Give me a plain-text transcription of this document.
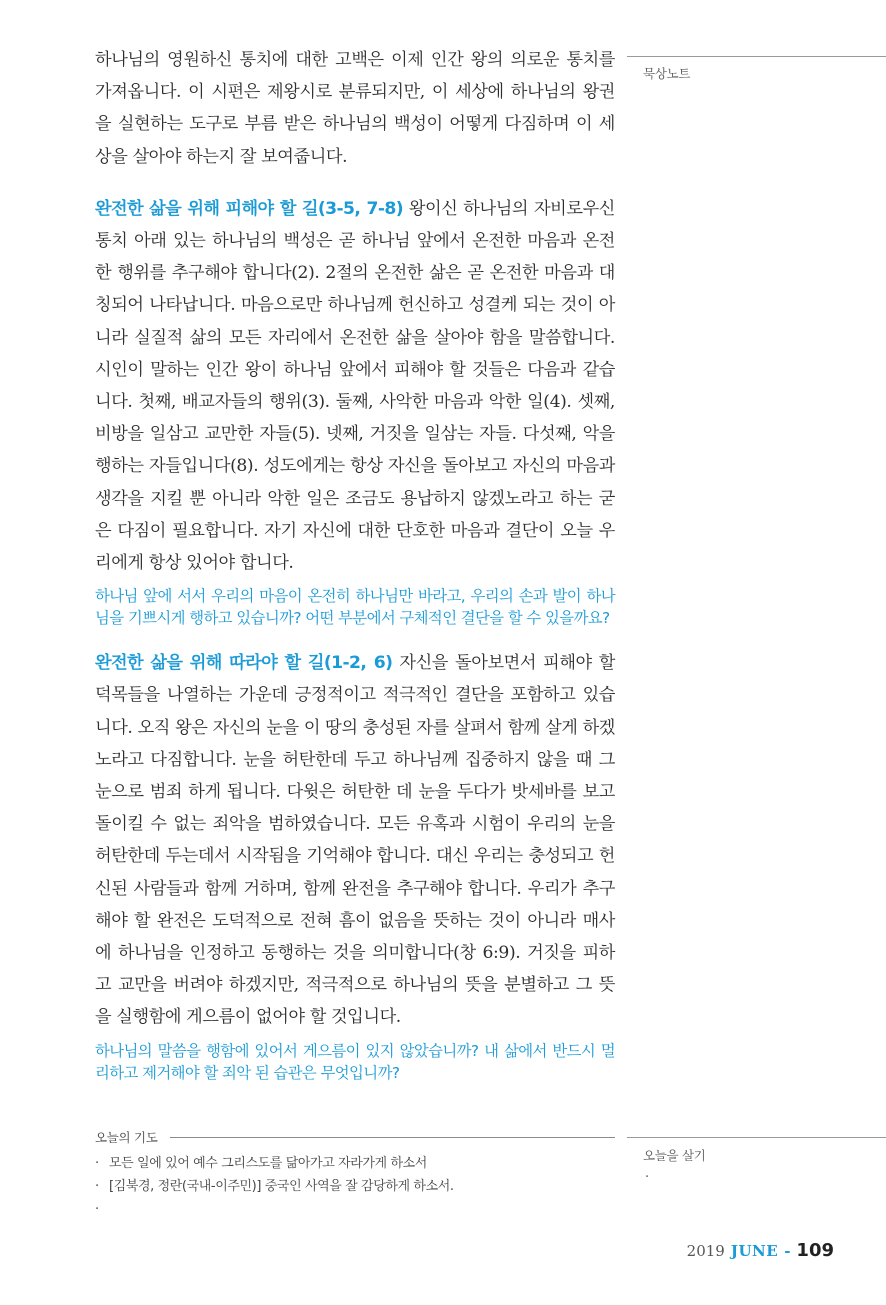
하나님의 영원하신 통치에 대한 고백은 이제 인간 왕의 의로운 통치를 가져옵니다. 이 시편은 제왕시로 분류되지만, 이 세상에 하나님의 왕권을 실현하는 도구로 부름 받은 하나님의 백성이 어떻게 다짐하며 이 세상을 살아야 하는지 잘 보여줍니다.

완전한 삶을 위해 피해야 할 길(3-5, 7-8) 왕이신 하나님의 자비로우신 통치 아래 있는 하나님의 백성은 곧 하나님 앞에서 온전한 마음과 온전한 행위를 추구해야 합니다(2). 2절의 온전한 삶은 곧 온전한 마음과 대칭되어 나타납니다. 마음으로만 하나님께 헌신하고 성결케 되는 것이 아니라 실질적 삶의 모든 자리에서 온전한 삶을 살아야 함을 말씀합니다. 시인이 말하는 인간 왕이 하나님 앞에서 피해야 할 것들은 다음과 같습니다. 첫째, 배교자들의 행위(3). 둘째, 사악한 마음과 악한 일(4). 셋째, 비방을 일삼고 교만한 자들(5). 넷째, 거짓을 일삼는 자들. 다섯째, 악을 행하는 자들입니다(8). 성도에게는 항상 자신을 돌아보고 자신의 마음과 생각을 지킬 뿐 아니라 악한 일은 조금도 용납하지 않겠노라고 하는 굳은 다짐이 필요합니다. 자기 자신에 대한 단호한 마음과 결단이 오늘 우리에게 항상 있어야 합니다.

하나님 앞에 서서 우리의 마음이 온전히 하나님만 바라고, 우리의 손과 발이 하나님을 기쁘시게 행하고 있습니까? 어떤 부분에서 구체적인 결단을 할 수 있을까요?

완전한 삶을 위해 따라야 할 길(1-2, 6) 자신을 돌아보면서 피해야 할 덕목들을 나열하는 가운데 긍정적이고 적극적인 결단을 포함하고 있습니다. 오직 왕은 자신의 눈을 이 땅의 충성된 자를 살펴서 함께 살게 하겠노라고 다짐합니다. 눈을 허탄한데 두고 하나님께 집중하지 않을 때 그 눈으로 범죄 하게 됩니다. 다윗은 허탄한 데 눈을 두다가 밧세바를 보고 돌이킬 수 없는 죄악을 범하였습니다. 모든 유혹과 시험이 우리의 눈을 허탄한데 두는데서 시작됨을 기억해야 합니다. 대신 우리는 충성되고 헌신된 사람들과 함께 거하며, 함께 완전을 추구해야 합니다. 우리가 추구해야 할 완전은 도덕적으로 전혀 흠이 없음을 뜻하는 것이 아니라 매사에 하나님을 인정하고 동행하는 것을 의미합니다(창 6:9). 거짓을 피하고 교만을 버려야 하겠지만, 적극적으로 하나님의 뜻을 분별하고 그 뜻을 실행함에 게으름이 없어야 할 것입니다.

하나님의 말씀을 행함에 있어서 게으름이 있지 않았습니까? 내 삶에서 반드시 멀리하고 제거해야 할 죄악 된 습관은 무엇입니까?

묵상노트
오늘을 살기
·
오늘의 기도
· 모든 일에 있어 예수 그리스도를 닮아가고 자라가게 하소서
· [김북경, 정란(국내-이주민)] 중국인 사역을 잘 감당하게 하소서.
·
2019 JUNE - 109
